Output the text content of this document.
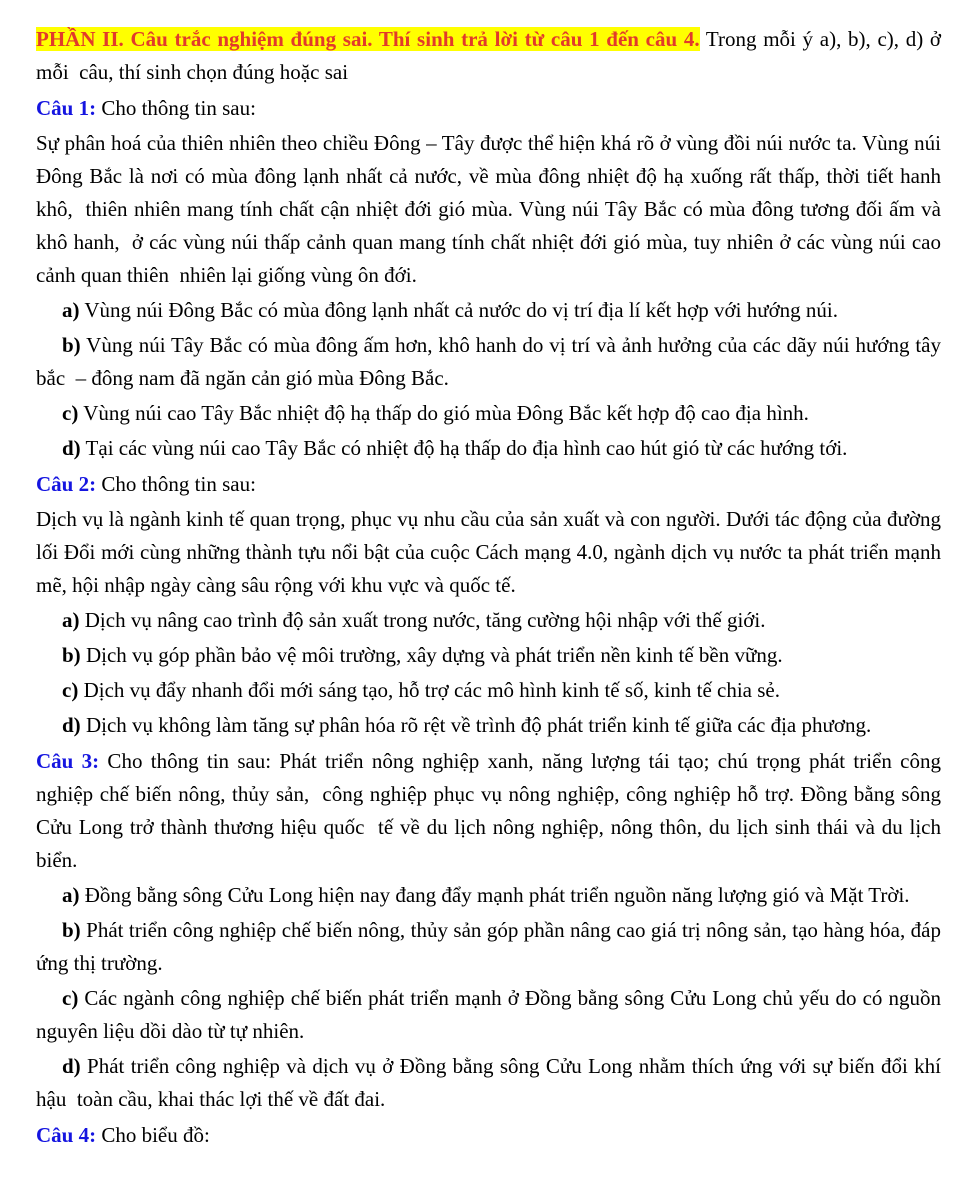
PHẦN II. Câu trắc nghiệm đúng sai. Thí sinh trả lời từ câu 1 đến câu 4. Trong mỗi ý a), b), c), d) ở mỗi  câu, thí sinh chọn đúng hoặc sai

Câu 1: Cho thông tin sau:

Sự phân hoá của thiên nhiên theo chiều Đông – Tây được thể hiện khá rõ ở vùng đồi núi nước ta. Vùng núi  Đông Bắc là nơi có mùa đông lạnh nhất cả nước, về mùa đông nhiệt độ hạ xuống rất thấp, thời tiết hanh khô,  thiên nhiên mang tính chất cận nhiệt đới gió mùa. Vùng núi Tây Bắc có mùa đông tương đối ấm và khô hanh,  ở các vùng núi thấp cảnh quan mang tính chất nhiệt đới gió mùa, tuy nhiên ở các vùng núi cao cảnh quan thiên  nhiên lại giống vùng ôn đới.

a) Vùng núi Đông Bắc có mùa đông lạnh nhất cả nước do vị trí địa lí kết hợp với hướng núi.

b) Vùng núi Tây Bắc có mùa đông ấm hơn, khô hanh do vị trí và ảnh hưởng của các dãy núi hướng tây bắc  – đông nam đã ngăn cản gió mùa Đông Bắc.

c) Vùng núi cao Tây Bắc nhiệt độ hạ thấp do gió mùa Đông Bắc kết hợp độ cao địa hình.

d) Tại các vùng núi cao Tây Bắc có nhiệt độ hạ thấp do địa hình cao hút gió từ các hướng tới.

Câu 2: Cho thông tin sau:

Dịch vụ là ngành kinh tế quan trọng, phục vụ nhu cầu của sản xuất và con người. Dưới tác động của đường  lối Đổi mới cùng những thành tựu nổi bật của cuộc Cách mạng 4.0, ngành dịch vụ nước ta phát triển mạnh  mẽ, hội nhập ngày càng sâu rộng với khu vực và quốc tế.

a) Dịch vụ nâng cao trình độ sản xuất trong nước, tăng cường hội nhập với thế giới.

b) Dịch vụ góp phần bảo vệ môi trường, xây dựng và phát triển nền kinh tế bền vững.

c) Dịch vụ đẩy nhanh đổi mới sáng tạo, hỗ trợ các mô hình kinh tế số, kinh tế chia sẻ.

d) Dịch vụ không làm tăng sự phân hóa rõ rệt về trình độ phát triển kinh tế giữa các địa phương.

Câu 3: Cho thông tin sau: Phát triển nông nghiệp xanh, năng lượng tái tạo; chú trọng phát triển công nghiệp chế biến nông, thủy sản,  công nghiệp phục vụ nông nghiệp, công nghiệp hỗ trợ. Đồng bằng sông Cửu Long trở thành thương hiệu quốc  tế về du lịch nông nghiệp, nông thôn, du lịch sinh thái và du lịch biển.

a) Đồng bằng sông Cửu Long hiện nay đang đẩy mạnh phát triển nguồn năng lượng gió và Mặt Trời.

b) Phát triển công nghiệp chế biến nông, thủy sản góp phần nâng cao giá trị nông sản, tạo hàng hóa, đáp  ứng thị trường.

c) Các ngành công nghiệp chế biến phát triển mạnh ở Đồng bằng sông Cửu Long chủ yếu do có nguồn  nguyên liệu dồi dào từ tự nhiên.

d) Phát triển công nghiệp và dịch vụ ở Đồng bằng sông Cửu Long nhằm thích ứng với sự biến đổi khí hậu  toàn cầu, khai thác lợi thế về đất đai.

Câu 4: Cho biểu đồ:
